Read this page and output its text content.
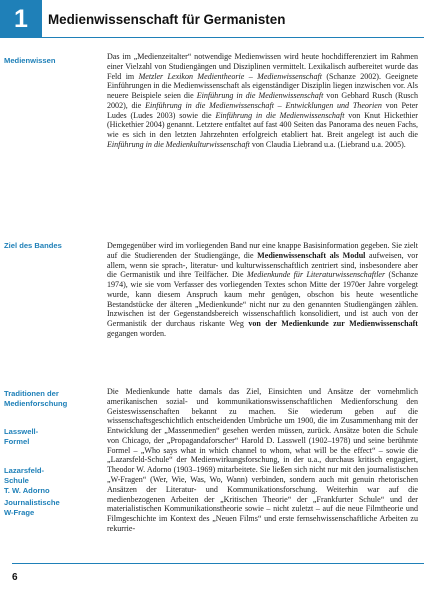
1	Medienwissenschaft für Germanisten
Medienwissen
Ziel des Bandes
Traditionen der Medienforschung
Lasswell-Formel
Lazarsfeld-Schule
T. W. Adorno
Journalistische W-Frage
Das im „Medienzeitalter“ notwendige Medienwissen wird heute hochdifferenziert im Rahmen einer Vielzahl von Studiengängen und Disziplinen vermittelt. Lexikalisch aufbereitet wurde das Feld im Metzler Lexikon Medientheorie – Medienwissenschaft (Schanze 2002). Geeignete Einführungen in die Medienwissenschaft als eigenständiger Disziplin liegen inzwischen vor. Als neuere Beispiele seien die Einführung in die Medienwissenschaft von Gebhard Rusch (Rusch 2002), die Einführung in die Medienwissenschaft – Entwicklungen und Theorien von Peter Ludes (Ludes 2003) sowie die Einführung in die Medienwissenschaft von Knut Hickethier (Hickethier 2004) genannt. Letztere entfaltet auf fast 400 Seiten das Panorama des neuen Fachs, wie es sich in den letzten Jahrzehnten erfolgreich etabliert hat. Breit angelegt ist auch die Einführung in die Medienkulturwissenschaft von Claudia Liebrand u.a. (Liebrand u.a. 2005).
Demgegenüber wird im vorliegenden Band nur eine knappe Basisinformation gegeben. Sie zielt auf die Studierenden der Studiengänge, die Medienwissenschaft als Modul aufweisen, vor allem, wenn sie sprach-, literatur- und kulturwissenschaftlich zentriert sind, insbesondere aber die Germanistik und ihre Teilfächer. Die Medienkunde für Literaturwissenschaftler (Schanze 1974), wie sie vom Verfasser des vorliegenden Textes schon Mitte der 1970er Jahre vorgelegt wurde, kann diesem Anspruch kaum mehr genügen, obschon bis heute wesentliche Bestandstücke der älteren „Medienkunde“ nicht nur zu den genannten Studiengängen zählen. Inzwischen ist der Gegenstandsbereich wissenschaftlich konsolidiert, und ist auch von der Germanistik der durchaus riskante Weg von der Medienkunde zur Medienwissenschaft gegangen worden.
Die Medienkunde hatte damals das Ziel, Einsichten und Ansätze der vornehmlich amerikanischen sozial- und kommunikationswissenschaftlichen Medienforschung den Geisteswissenschaften bekannt zu machen. Sie wiederum geben auf die wissenschaftsgeschichtlich entscheidenden Umbrüche um 1900, die im Zusammenhang mit der Entwicklung der „Massenmedien“ gesehen werden müssen, zurück. Ansätze boten die Schule von Chicago, der „Propagandaforscher“ Harold D. Lasswell (1902–1978) und seine berühmte Formel – „Who says what in which channel to whom, what will be the effect“ – sowie die „Lazarsfeld-Schule“ der Medienwirkungsforschung, in der u.a., durchaus kritisch engagiert, Theodor W. Adorno (1903–1969) mitarbeitete. Sie ließen sich nicht nur mit den journalistischen „W-Fragen“ (Wer, Wie, Was, Wo, Wann) verbinden, sondern auch mit genuin rhetorischen Ansätzen der Literatur- und Kommunikationsforschung. Weiterhin war auf die medienbezogenen Arbeiten der „Kritischen Theorie“ der „Frankfurter Schule“ und der materialistischen Kommunikationstheorie sowie – nicht zuletzt – auf die neue Filmtheorie und Filmgeschichte im Kontext des „Neuen Films“ und erste fernsehwissenschaftliche Arbeiten zu rekurrie-
6
